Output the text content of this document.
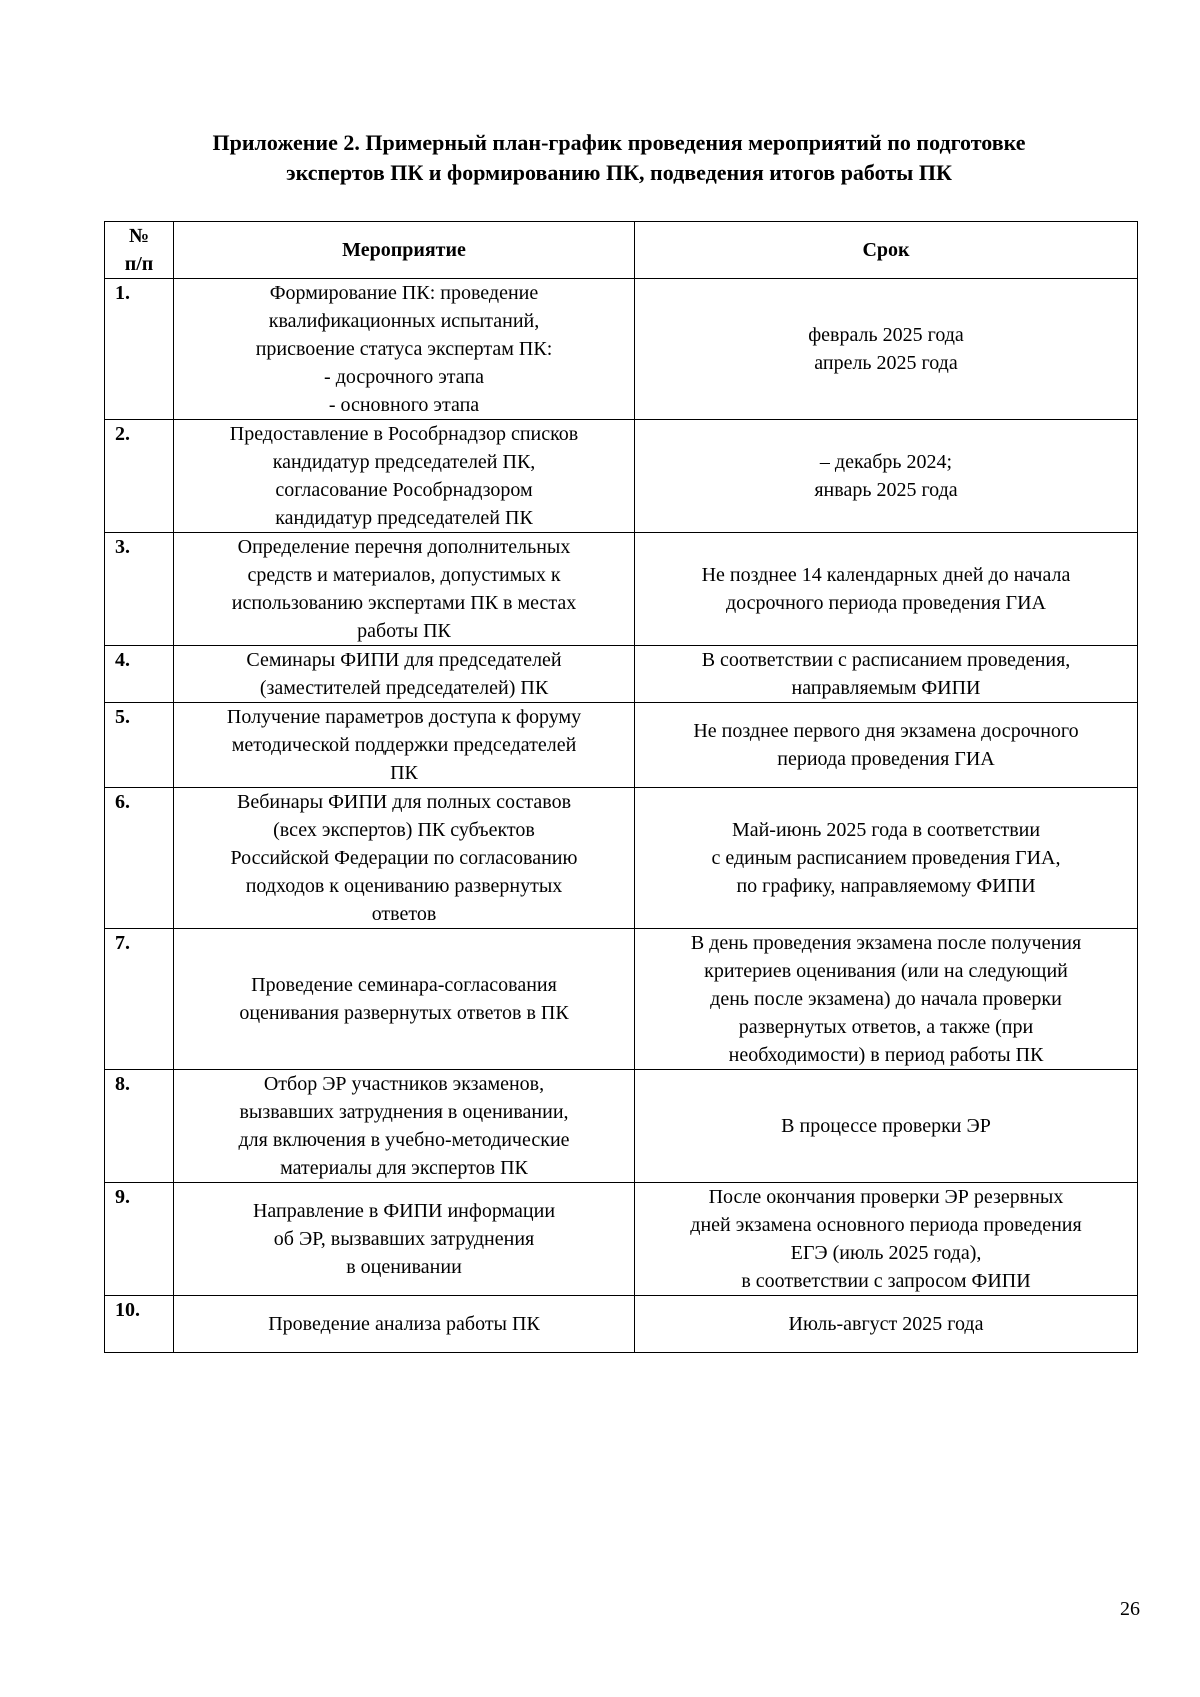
Приложение 2. Примерный план-график проведения мероприятий по подготовке
экспертов ПК и формированию ПК, подведения итогов работы ПК
№
п/п	Мероприятие	Срок
1.	Формирование ПК: проведение
квалификационных испытаний,
присвоение статуса экспертам ПК:
- досрочного этапа
- основного этапа	февраль 2025 года
апрель 2025 года

2.	Предоставление в Рособрнадзор списков
кандидатур председателей ПК,
согласование Рособрнадзором
кандидатур председателей ПК	– декабрь 2024;
январь 2025 года

3.	Определение перечня дополнительных
средств и материалов, допустимых к
использованию экспертами ПК в местах
работы ПК	Не позднее 14 календарных дней до начала
досрочного периода проведения ГИА

4.	Семинары ФИПИ для председателей
(заместителей председателей) ПК	В соответствии с расписанием проведения,
направляемым ФИПИ

5.	Получение параметров доступа к форуму
методической поддержки председателей
ПК	Не позднее первого дня экзамена досрочного
периода проведения ГИА

6.	Вебинары ФИПИ для полных составов
(всех экспертов) ПК субъектов
Российской Федерации по согласованию
подходов к оцениванию развернутых
ответов	Май-июнь 2025 года в соответствии
с единым расписанием проведения ГИА,
по графику, направляемому ФИПИ

7.	Проведение семинара-согласования
оценивания развернутых ответов в ПК	В день проведения экзамена после получения
критериев оценивания (или на следующий
день после экзамена) до начала проверки
развернутых ответов, а также (при
необходимости) в период работы ПК

8.	Отбор ЭР участников экзаменов,
вызвавших затруднения в оценивании,
для включения в учебно-методические
материалы для экспертов ПК	В процессе проверки ЭР

9.	Направление в ФИПИ информации
об ЭР, вызвавших затруднения
в оценивании	После окончания проверки ЭР резервных
дней экзамена основного периода проведения
ЕГЭ (июль 2025 года),
в соответствии с запросом ФИПИ

10.	Проведение анализа работы ПК	Июль-август 2025 года
26
